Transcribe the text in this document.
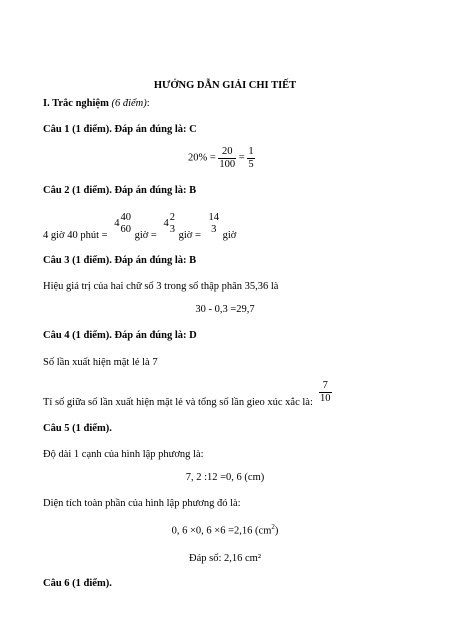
HƯỚNG DẪN GIẢI CHI TIẾT
I. Trắc nghiệm (6 điểm):
Câu 1 (1 điểm). Đáp án đúng là: C
$20\% = \frac{20}{100} = \frac{1}{5}$
Câu 2 (1 điểm). Đáp án đúng là: B
4 giờ 40 phút = 4
40
60
giờ = 4
2
3
giờ =
14
3
giờ
Câu 3 (1 điểm). Đáp án đúng là: B
Hiệu giá trị của hai chữ số 3 trong số thập phân 35,36 là
30 - 0,3 =29,7
Câu 4 (1 điểm). Đáp án đúng là: D
Số lần xuất hiện mặt lẻ là 7
Tỉ số giữa số lần xuất hiện mặt lẻ và tổng số lần gieo xúc xắc là: $\frac{7}{10}$
Câu 5 (1 điểm).
Độ dài 1 cạnh của hình lập phương là:
7, 2 :12 =0, 6 (cm)
Diện tích toàn phần của hình lập phương đó là:
0, 6 ×0, 6 ×6 =2,16 $(cm^2)$
Đáp số: 2,16 cm²
Câu 6 (1 điểm).
